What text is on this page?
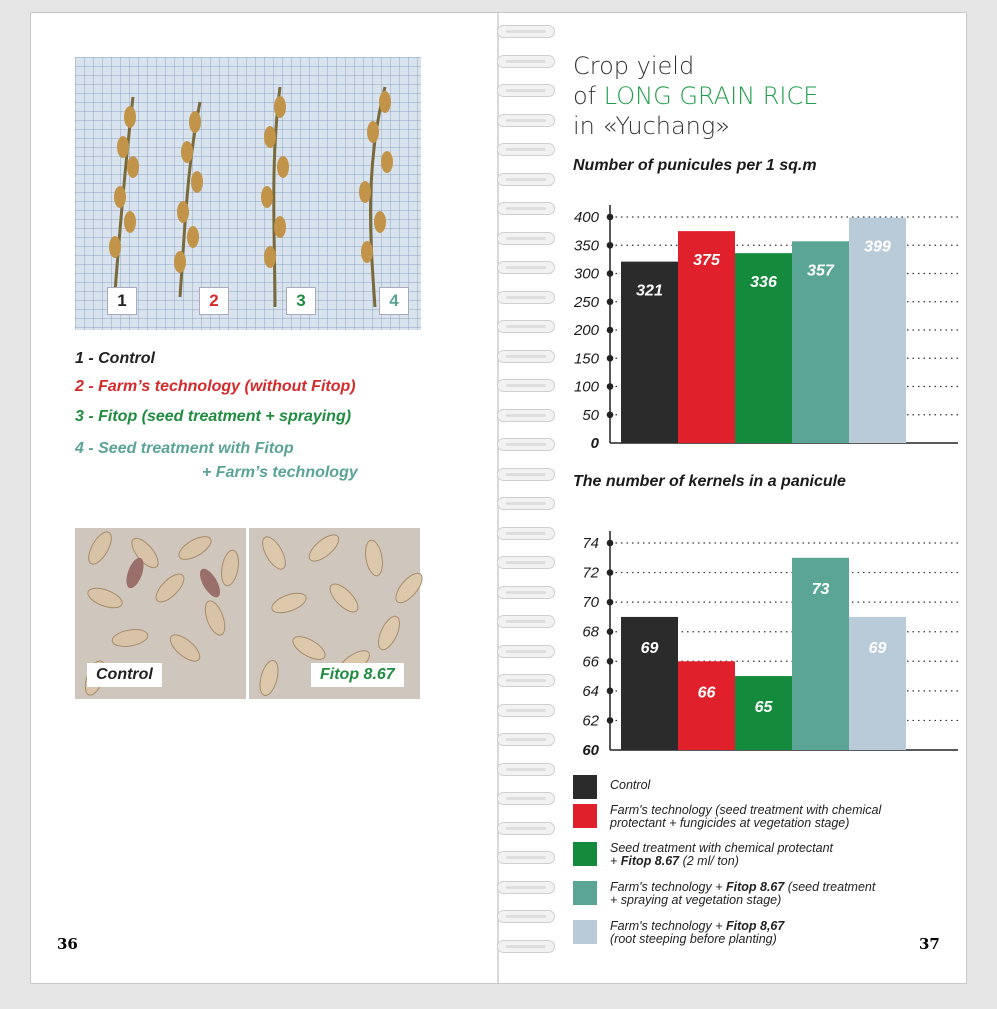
1	2	3	4
1 - Control
2 - Farm’s technology (without Fitop)
3 - Fitop (seed treatment + spraying)
4 - Seed treatment with Fitop
+ Farm’s technology
Control	Fitop 8.67
36
Crop yield
of LONG GRAIN RICE
in «Yuchang»
Number of punicules per 1 sq.m
0
50
100
150
200
250
300
350
400
321
375
336
357
399
The number of kernels in a panicule
60
62
64
66
68
70
72
74
69
66
65
73
69
Control
Farm's technology (seed treatment with chemical protectant + fungicides at vegetation stage)
Seed treatment with chemical protectant
+ Fitop 8.67 (2 ml/ ton)
Farm's technology + Fitop 8.67 (seed treatment
+ spraying at vegetation stage)
Farm's technology + Fitop 8,67
(root steeping before planting)	37
